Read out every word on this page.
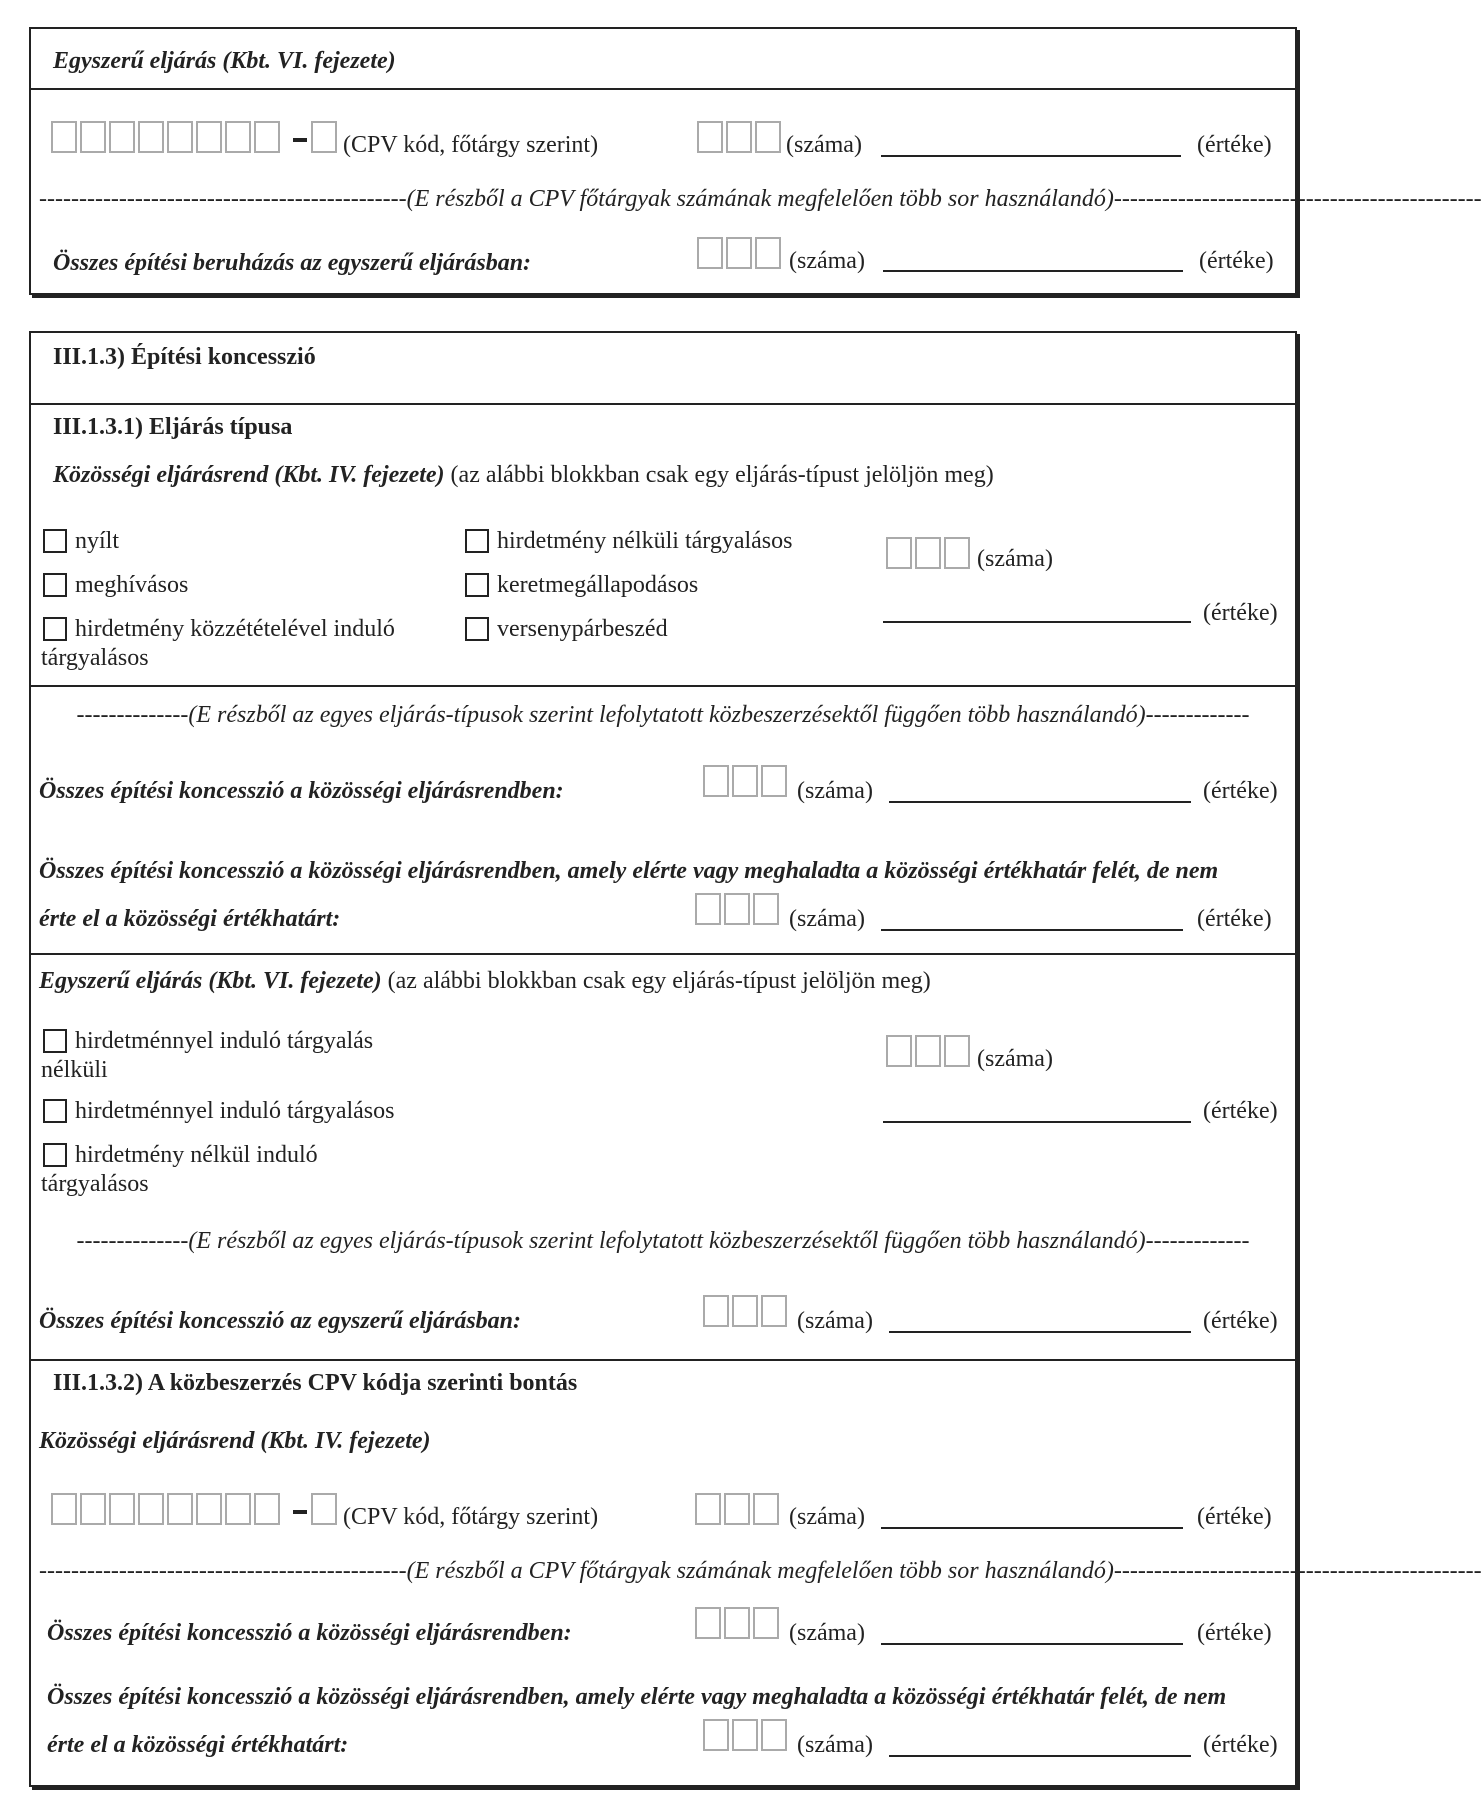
Egyszerű eljárás (Kbt. VI. fejezete)
(CPV kód, főtárgy szerint)	(száma)	(értéke)
----------------------------------------------(E részből a CPV főtárgyak számának megfelelően több sor használandó)----------------------------------------------
Összes építési beruházás az egyszerű eljárásban:	(száma)	(értéke)
III.1.3) Építési koncesszió
III.1.3.1) Eljárás típusa
Közösségi eljárásrend (Kbt. IV. fejezete) (az alábbi blokkban csak egy eljárás-típust jelöljön meg)
nyílt
meghívásos
hirdetmény közzétételével induló
tárgyalásos
hirdetmény nélküli tárgyalásos
keretmegállapodásos
versenypárbeszéd
(száma)
(értéke)
--------------(E részből az egyes eljárás-típusok szerint lefolytatott közbeszerzésektől függően több használandó)-------------
Összes építési koncesszió a közösségi eljárásrendben:	(száma)	(értéke)
Összes építési koncesszió a közösségi eljárásrendben, amely elérte vagy meghaladta a közösségi értékhatár felét, de nem
érte el a közösségi értékhatárt:	(száma)	(értéke)
Egyszerű eljárás (Kbt. VI. fejezete) (az alábbi blokkban csak egy eljárás-típust jelöljön meg)
hirdetménnyel induló tárgyalás
nélküli
hirdetménnyel induló tárgyalásos
hirdetmény nélkül induló
tárgyalásos
(száma)
(értéke)
--------------(E részből az egyes eljárás-típusok szerint lefolytatott közbeszerzésektől függően több használandó)-------------
Összes építési koncesszió az egyszerű eljárásban:	(száma)	(értéke)
III.1.3.2) A közbeszerzés CPV kódja szerinti bontás
Közösségi eljárásrend (Kbt. IV. fejezete)
(CPV kód, főtárgy szerint)	(száma)	(értéke)
----------------------------------------------(E részből a CPV főtárgyak számának megfelelően több sor használandó)----------------------------------------------
Összes építési koncesszió a közösségi eljárásrendben:	(száma)	(értéke)
Összes építési koncesszió a közösségi eljárásrendben, amely elérte vagy meghaladta a közösségi értékhatár felét, de nem
érte el a közösségi értékhatárt:	(száma)	(értéke)
